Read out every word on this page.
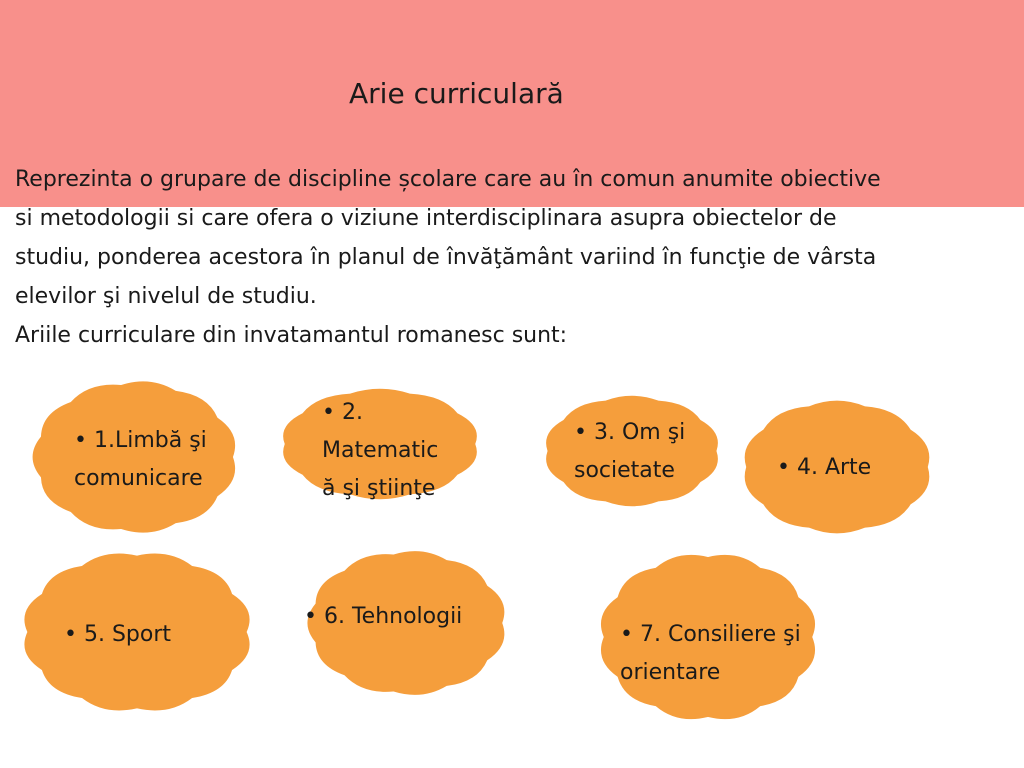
Arie curriculară

Reprezinta o grupare de discipline școlare care au în comun anumite obiective

si metodologii si care ofera o viziune interdisciplinara asupra obiectelor de

studiu, ponderea acestora în planul de învăţământ variind în funcţie de vârsta

elevilor şi nivelul de studiu.

Ariile curriculare din invatamantul romanesc sunt:

• 1.Limbă şi
comunicare
• 2.
Matematic
ă şi ştiinţe
• 3. Om şi
societate	• 4. Arte
• 5. Sport
• 6. Tehnologii
• 7. Consiliere şi
orientare
